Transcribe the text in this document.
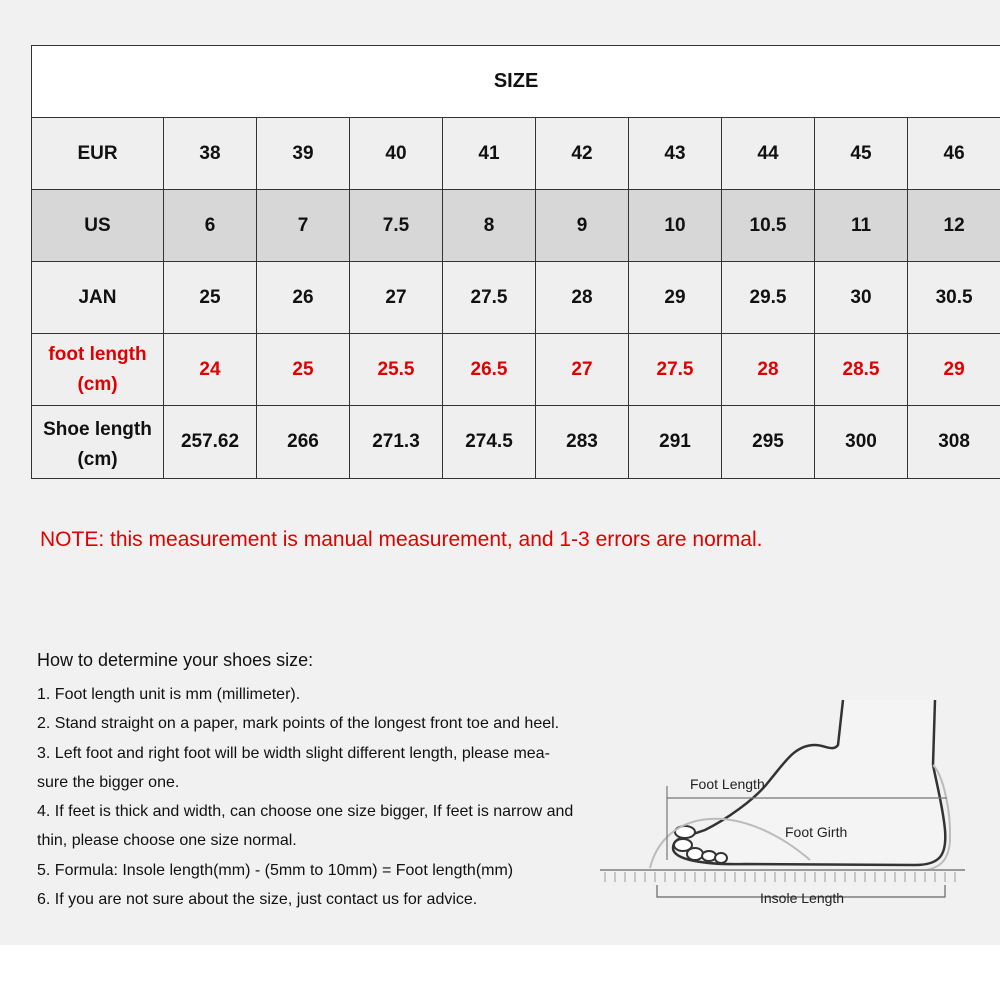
SIZE									
EUR	38	39	40	41	42	43	44	45	46
US	6	7	7.5	8	9	10	10.5	11	12
JAN	25	26	27	27.5	28	29	29.5	30	30.5
foot length (cm)	24	25	25.5	26.5	27	27.5	28	28.5	29

Shoe length (cm)	257.62	266	271.3	274.5	283	291	295	300	308
NOTE: this measurement is manual measurement, and 1-3 errors are normal.
How to determine your shoes size:
1. Foot length unit is mm (millimeter).
2. Stand straight on a paper, mark points of the longest front toe and heel.
3. Left foot and right foot will be width slight different length, please mea-
sure the bigger one.
4. If feet is thick and width, can choose one size bigger, If feet is narrow and
thin, please choose one size normal.
5. Formula: Insole length(mm) - (5mm to 10mm) = Foot length(mm)
6. If you are not sure about the size, just contact us for advice.
Foot Length
Foot Girth
Insole Length
